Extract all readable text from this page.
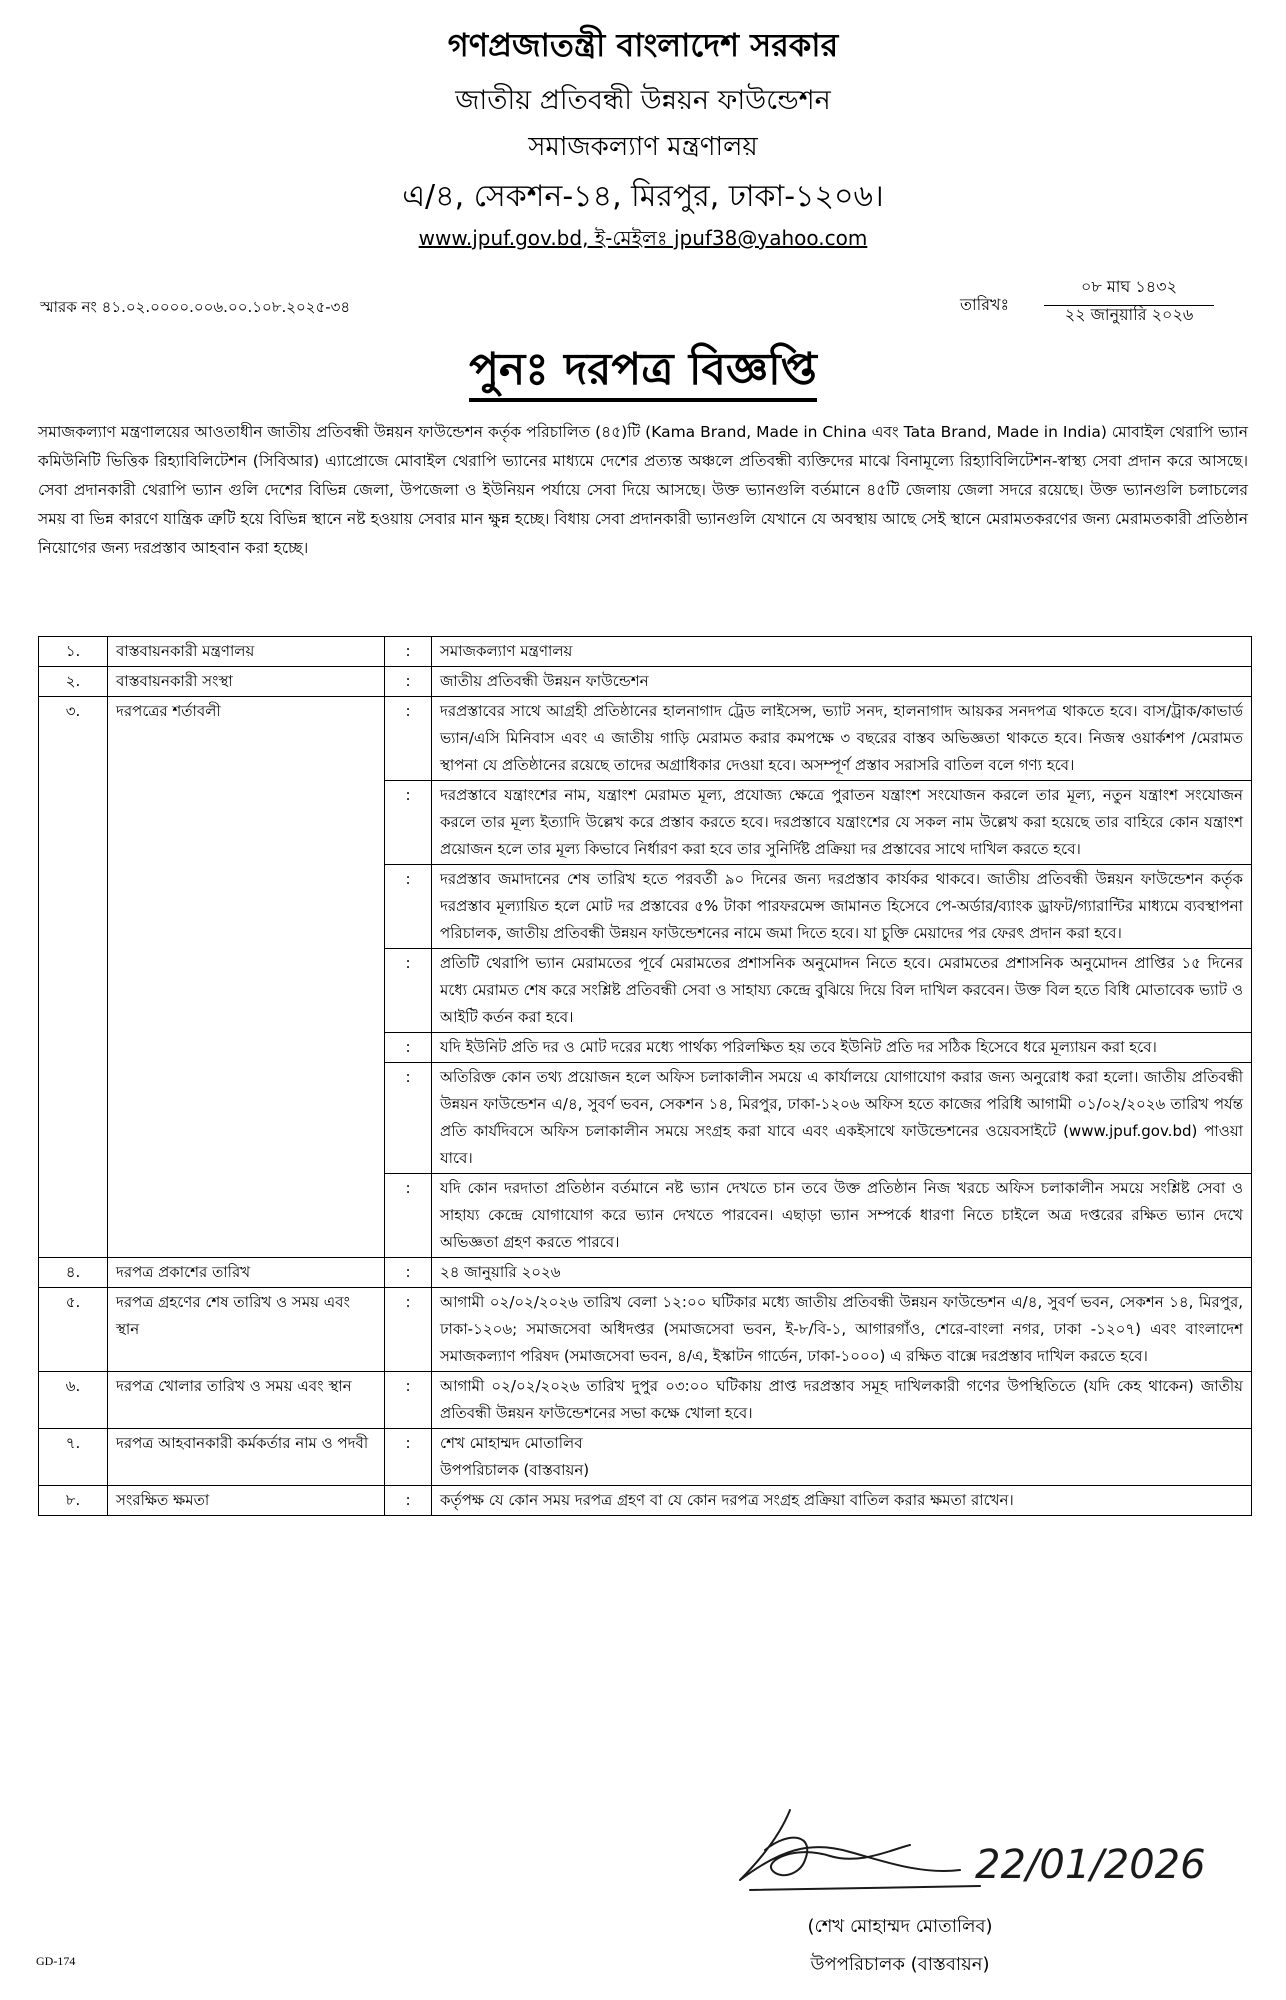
গণপ্রজাতন্ত্রী বাংলাদেশ সরকার
জাতীয় প্রতিবন্ধী উন্নয়ন ফাউন্ডেশন
সমাজকল্যাণ মন্ত্রণালয়
এ/৪, সেকশন-১৪, মিরপুর, ঢাকা-১২০৬।
www.jpuf.gov.bd, ই-মেইলঃ jpuf38@yahoo.com
স্মারক নং ৪১.০২.০০০০.০০৬.০০.১০৮.২০২৫-৩৪	তারিখঃ
০৮ মাঘ ১৪৩২
২২ জানুয়ারি ২০২৬
পুনঃ দরপত্র বিজ্ঞপ্তি
সমাজকল্যাণ মন্ত্রণালয়ের আওতাধীন জাতীয় প্রতিবন্ধী উন্নয়ন ফাউন্ডেশন কর্তৃক পরিচালিত (৪৫)টি (Kama Brand, Made in China এবং Tata Brand, Made in India) মোবাইল থেরাপি ভ্যান কমিউনিটি ভিত্তিক রিহ্যাবিলিটেশন (সিবিআর) এ্যাপ্রোজে মোবাইল থেরাপি ভ্যানের মাধ্যমে দেশের প্রত্যন্ত অঞ্চলে প্রতিবন্ধী ব্যক্তিদের মাঝে বিনামূল্যে রিহ্যাবিলিটেশন-স্বাস্থ্য সেবা প্রদান করে আসছে। সেবা প্রদানকারী থেরাপি ভ্যান গুলি দেশের বিভিন্ন জেলা, উপজেলা ও ইউনিয়ন পর্যায়ে সেবা দিয়ে আসছে। উক্ত ভ্যানগুলি বর্তমানে ৪৫টি জেলায় জেলা সদরে রয়েছে। উক্ত ভ্যানগুলি চলাচলের সময় বা ভিন্ন কারণে যান্ত্রিক ত্রুটি হয়ে বিভিন্ন স্থানে নষ্ট হওয়ায় সেবার মান ক্ষুন্ন হচ্ছে। বিধায় সেবা প্রদানকারী ভ্যানগুলি যেখানে যে অবস্থায় আছে সেই স্থানে মেরামতকরণের জন্য মেরামতকারী প্রতিষ্ঠান নিয়োগের জন্য দরপ্রস্তাব আহবান করা হচ্ছে।
১.	বাস্তবায়নকারী মন্ত্রণালয়	:	সমাজকল্যাণ মন্ত্রণালয়
২.	বাস্তবায়নকারী সংস্থা	:	জাতীয় প্রতিবন্ধী উন্নয়ন ফাউন্ডেশন
৩.	দরপত্রের শর্তাবলী	:	দরপ্রস্তাবের সাথে আগ্রহী প্রতিষ্ঠানের হালনাগাদ ট্রেড লাইসেন্স, ভ্যাট সনদ, হালনাগাদ আয়কর সনদপত্র থাকতে হবে। বাস/ট্রাক/কাভার্ড ভ্যান/এসি মিনিবাস এবং এ জাতীয় গাড়ি মেরামত করার কমপক্ষে ৩ বছরের বাস্তব অভিজ্ঞতা থাকতে হবে। নিজস্ব ওয়ার্কশপ /মেরামত স্থাপনা যে প্রতিষ্ঠানের রয়েছে তাদের অগ্রাধিকার দেওয়া হবে। অসম্পূর্ণ প্রস্তাব সরাসরি বাতিল বলে গণ্য হবে।
		:	দরপ্রস্তাবে যন্ত্রাংশের নাম, যন্ত্রাংশ মেরামত মূল্য, প্রযোজ্য ক্ষেত্রে পুরাতন যন্ত্রাংশ সংযোজন করলে তার মূল্য, নতুন যন্ত্রাংশ সংযোজন করলে তার মূল্য ইত্যাদি উল্লেখ করে প্রস্তাব করতে হবে। দরপ্রস্তাবে যন্ত্রাংশের যে সকল নাম উল্লেখ করা হয়েছে তার বাহিরে কোন যন্ত্রাংশ প্রয়োজন হলে তার মূল্য কিভাবে নির্ধারণ করা হবে তার সুনির্দিষ্ট প্রক্রিয়া দর প্রস্তাবের সাথে দাখিল করতে হবে।
		:	দরপ্রস্তাব জমাদানের শেষ তারিখ হতে পরবর্তী ৯০ দিনের জন্য দরপ্রস্তাব কার্যকর থাকবে। জাতীয় প্রতিবন্ধী উন্নয়ন ফাউন্ডেশন কর্তৃক দরপ্রস্তাব মূল্যায়িত হলে মোট দর প্রস্তাবের ৫% টাকা পারফরমেন্স জামানত হিসেবে পে-অর্ডার/ব্যাংক ড্রাফট/গ্যারান্টির মাধ্যমে ব্যবস্থাপনা পরিচালক, জাতীয় প্রতিবন্ধী উন্নয়ন ফাউন্ডেশনের নামে জমা দিতে হবে। যা চুক্তি মেয়াদের পর ফেরৎ প্রদান করা হবে।
		:	প্রতিটি থেরাপি ভ্যান মেরামতের পূর্বে মেরামতের প্রশাসনিক অনুমোদন নিতে হবে। মেরামতের প্রশাসনিক অনুমোদন প্রাপ্তির ১৫ দিনের মধ্যে মেরামত শেষ করে সংশ্লিষ্ট প্রতিবন্ধী সেবা ও সাহায্য কেন্দ্রে বুঝিয়ে দিয়ে বিল দাখিল করবেন। উক্ত বিল হতে বিধি মোতাবেক ভ্যাট ও আইটি কর্তন করা হবে।
		:	যদি ইউনিট প্রতি দর ও মোট দরের মধ্যে পার্থক্য পরিলক্ষিত হয় তবে ইউনিট প্রতি দর সঠিক হিসেবে ধরে মূল্যায়ন করা হবে।
		:	অতিরিক্ত কোন তথ্য প্রয়োজন হলে অফিস চলাকালীন সময়ে এ কার্যালয়ে যোগাযোগ করার জন্য অনুরোধ করা হলো। জাতীয় প্রতিবন্ধী উন্নয়ন ফাউন্ডেশন এ/৪, সুবর্ণ ভবন, সেকশন ১৪, মিরপুর, ঢাকা-১২০৬ অফিস হতে কাজের পরিধি আগামী ০১/০২/২০২৬ তারিখ পর্যন্ত প্রতি কার্যদিবসে অফিস চলাকালীন সময়ে সংগ্রহ করা যাবে এবং একইসাথে ফাউন্ডেশনের ওয়েবসাইটে (www.jpuf.gov.bd) পাওয়া যাবে।
		:	যদি কোন দরদাতা প্রতিষ্ঠান বর্তমানে নষ্ট ভ্যান দেখতে চান তবে উক্ত প্রতিষ্ঠান নিজ খরচে অফিস চলাকালীন সময়ে সংশ্লিষ্ট সেবা ও সাহায্য কেন্দ্রে যোগাযোগ করে ভ্যান দেখতে পারবেন। এছাড়া ভ্যান সম্পর্কে ধারণা নিতে চাইলে অত্র দপ্তরের রক্ষিত ভ্যান দেখে অভিজ্ঞতা গ্রহণ করতে পারবে।
৪.	দরপত্র প্রকাশের তারিখ	:	২৪ জানুয়ারি ২০২৬
৫.	দরপত্র গ্রহণের শেষ তারিখ ও সময় এবং স্থান	:	আগামী ০২/০২/২০২৬ তারিখ বেলা ১২:০০ ঘটিকার মধ্যে জাতীয় প্রতিবন্ধী উন্নয়ন ফাউন্ডেশন এ/৪, সুবর্ণ ভবন, সেকশন ১৪, মিরপুর, ঢাকা-১২০৬; সমাজসেবা অধিদপ্তর (সমাজসেবা ভবন, ই-৮/বি-১, আগারগাঁও, শেরে-বাংলা নগর, ঢাকা -১২০৭) এবং বাংলাদেশ সমাজকল্যাণ পরিষদ (সমাজসেবা ভবন, ৪/এ, ইস্কাটন গার্ডেন, ঢাকা-১০০০) এ রক্ষিত বাক্সে দরপ্রস্তাব দাখিল করতে হবে।
৬.	দরপত্র খোলার তারিখ ও সময় এবং স্থান	:	আগামী ০২/০২/২০২৬ তারিখ দুপুর ০৩:০০ ঘটিকায় প্রাপ্ত দরপ্রস্তাব সমূহ দাখিলকারী গণের উপস্থিতিতে (যদি কেহ থাকেন) জাতীয় প্রতিবন্ধী উন্নয়ন ফাউন্ডেশনের সভা কক্ষে খোলা হবে।
৭.	দরপত্র আহবানকারী কর্মকর্তার নাম ও পদবী	:	শেখ মোহাম্মদ মোতালিব
উপপরিচালক (বাস্তবায়ন)

৮.	সংরক্ষিত ক্ষমতা	:	কর্তৃপক্ষ যে কোন সময় দরপত্র গ্রহণ বা যে কোন দরপত্র সংগ্রহ প্রক্রিয়া বাতিল করার ক্ষমতা রাখেন।
22/01/2026
(শেখ মোহাম্মদ মোতালিব)
উপপরিচালক (বাস্তবায়ন)
GD-174
